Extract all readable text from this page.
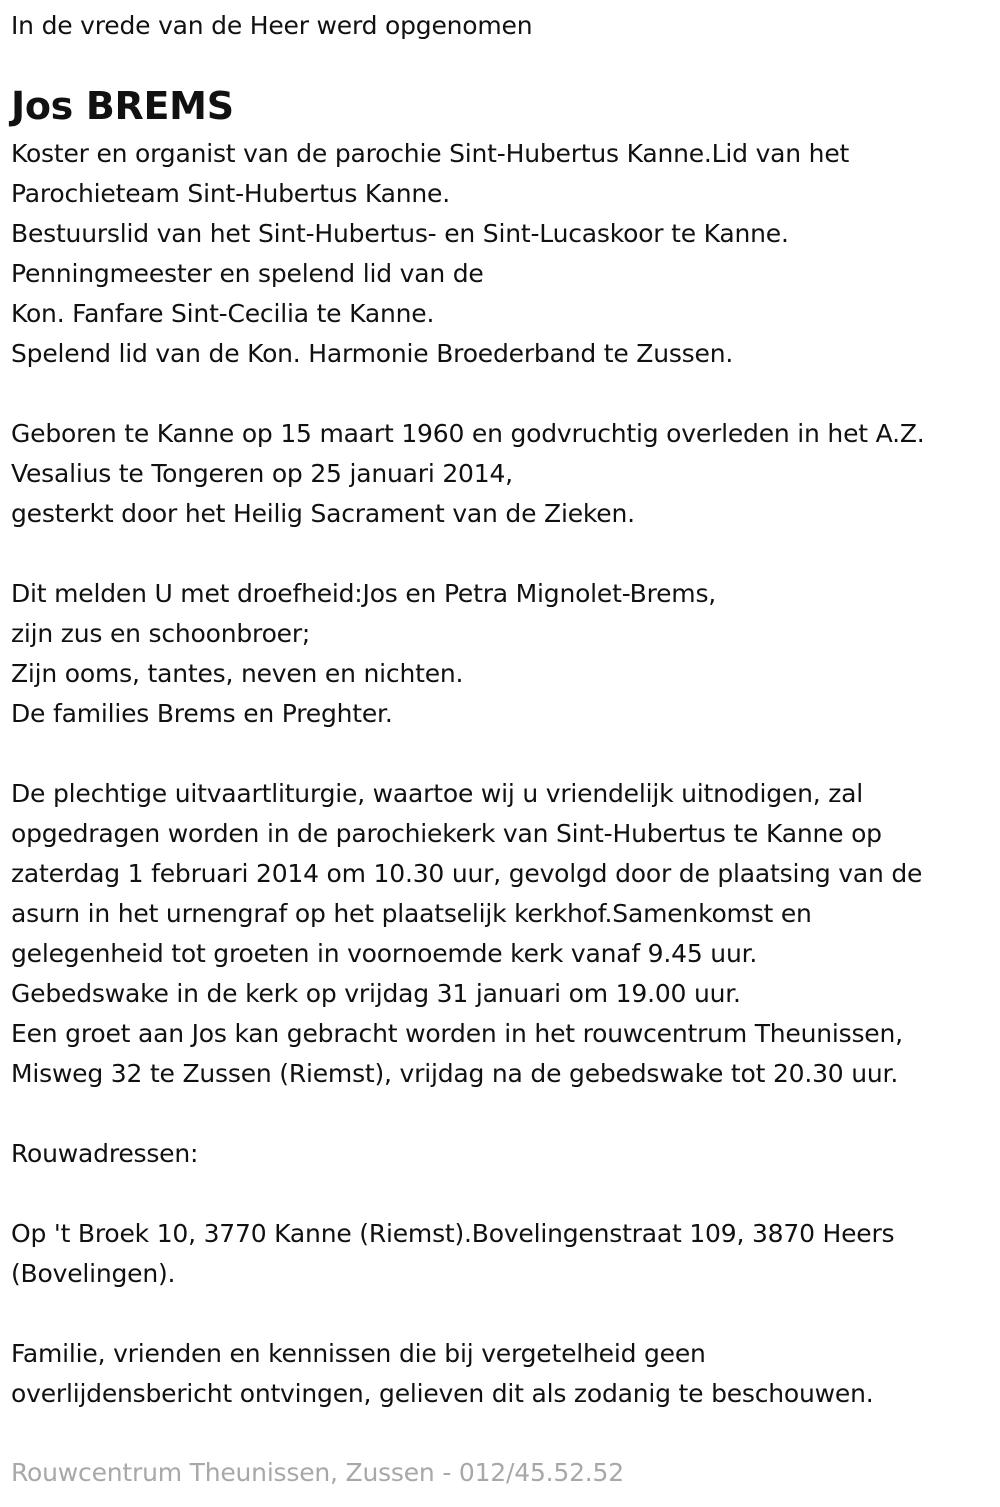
In de vrede van de Heer werd opgenomen
Jos BREMS
Koster en organist van de parochie Sint-Hubertus Kanne.Lid van het
Parochieteam Sint-Hubertus Kanne.
Bestuurslid van het Sint-Hubertus- en Sint-Lucaskoor te Kanne.
Penningmeester en spelend lid van de
Kon. Fanfare Sint-Cecilia te Kanne.
Spelend lid van de Kon. Harmonie Broederband te Zussen.
Geboren te Kanne op 15 maart 1960 en godvruchtig overleden in het A.Z.
Vesalius te Tongeren op 25 januari 2014,
gesterkt door het Heilig Sacrament van de Zieken.
Dit melden U met droefheid:Jos en Petra Mignolet-Brems,
zijn zus en schoonbroer;
Zijn ooms, tantes, neven en nichten.
De families Brems en Preghter.
De plechtige uitvaartliturgie, waartoe wij u vriendelijk uitnodigen, zal
opgedragen worden in de parochiekerk van Sint-Hubertus te Kanne op
zaterdag 1 februari 2014 om 10.30 uur, gevolgd door de plaatsing van de
asurn in het urnengraf op het plaatselijk kerkhof.Samenkomst en
gelegenheid tot groeten in voornoemde kerk vanaf 9.45 uur.
Gebedswake in de kerk op vrijdag 31 januari om 19.00 uur.
Een groet aan Jos kan gebracht worden in het rouwcentrum Theunissen,
Misweg 32 te Zussen (Riemst), vrijdag na de gebedswake tot 20.30 uur.
Rouwadressen:
Op 't Broek 10, 3770 Kanne (Riemst).Bovelingenstraat 109, 3870 Heers
(Bovelingen).
Familie, vrienden en kennissen die bij vergetelheid geen
overlijdensbericht ontvingen, gelieven dit als zodanig te beschouwen.
Rouwcentrum Theunissen, Zussen - 012/45.52.52
